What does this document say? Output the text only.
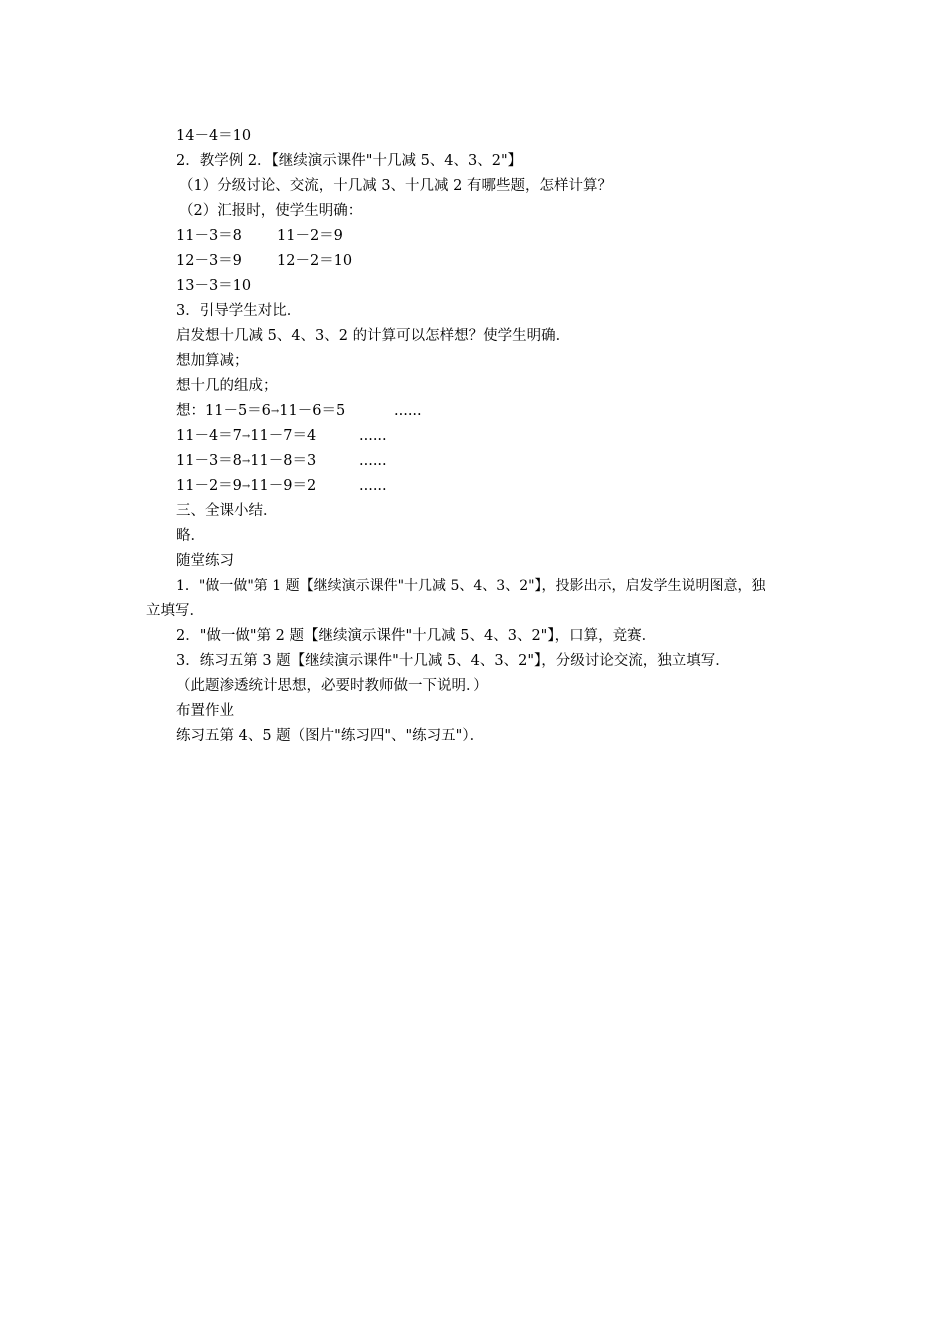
14－4＝10
2．教学例 2．【继续演示课件"十几减 5、4、3、2"】
（1）分级讨论、交流，十几减 3、十几减 2 有哪些题，怎样计算？
（2）汇报时，使学生明确：
11－3＝8 11－2＝9
12－3＝9 12－2＝10
13－3＝10
3．引导学生对比．
启发想十几减 5、4、3、2 的计算可以怎样想？使学生明确．
想加算减；
想十几的组成；
想：11－5＝6→11－6＝5	......
11－4＝7→11－7＝4	......
11－3＝8→11－8＝3	......
11－2＝9→11－9＝2	......
三、全课小结．
略．
随堂练习
1．"做一做"第 1 题【继续演示课件"十几减 5、4、3、2"】，投影出示，启发学生说明图意，独
立填写．
2．"做一做"第 2 题【继续演示课件"十几减 5、4、3、2"】，口算，竞赛．
3．练习五第 3 题【继续演示课件"十几减 5、4、3、2"】，分级讨论交流，独立填写．
（此题渗透统计思想，必要时教师做一下说明．）
布置作业
练习五第 4、5 题（图片"练习四"、"练习五"）．
